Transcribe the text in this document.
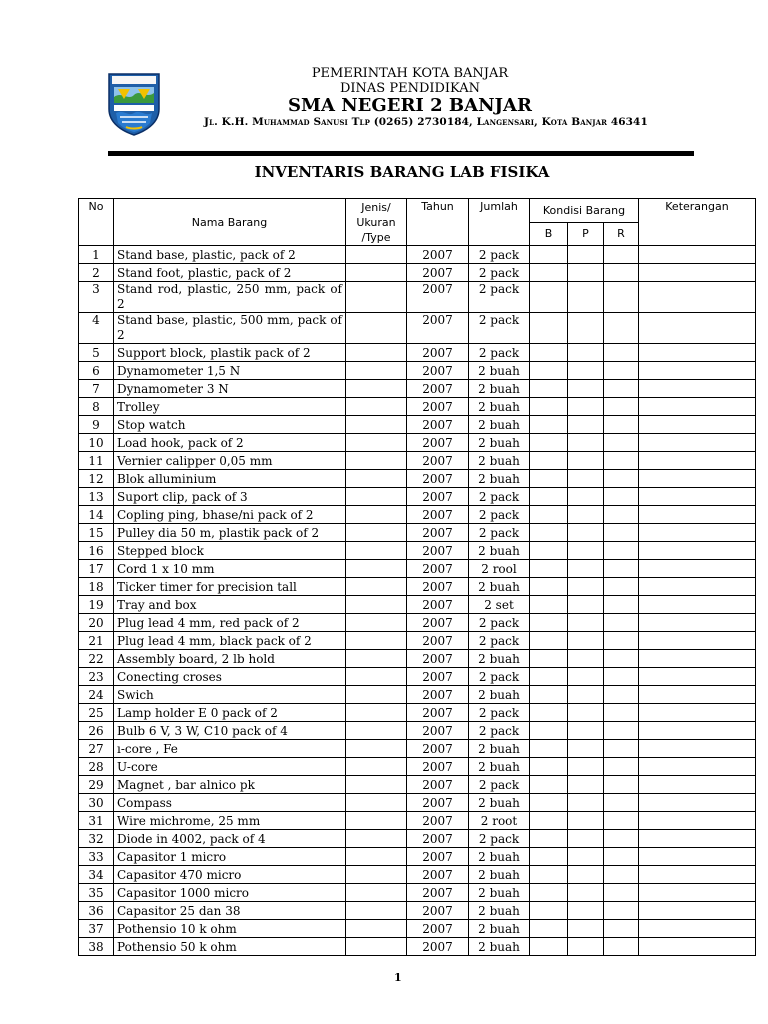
PEMERINTAH KOTA BANJAR
DINAS PENDIDIKAN
SMA NEGERI 2 BANJAR
Jl. K.H. Muhammad Sanusi Tlp (0265) 2730184, Langensari, Kota Banjar 46341
INVENTARIS BARANG LAB FISIKA
No	Nama Barang	Jenis/
Ukuran
/Type	Tahun	Jumlah	Kondisi Barang			Keterangan
					B	P	R	
1	Stand base, plastic, pack of 2		2007	2 pack				
2	Stand foot, plastic, pack of 2		2007	2 pack				
3	Stand rod, plastic, 250 mm, pack of 2		2007	2 pack				
4	Stand base, plastic, 500 mm, pack of 2		2007	2 pack				
5	Support block, plastik pack of 2		2007	2 pack				
6	Dynamometer 1,5 N		2007	2 buah				
7	Dynamometer 3 N		2007	2 buah				
8	Trolley		2007	2 buah				
9	Stop watch		2007	2 buah				
10	Load hook, pack of 2		2007	2 buah				
11	Vernier calipper 0,05 mm		2007	2 buah				
12	Blok alluminium		2007	2 buah				
13	Suport clip, pack of 3		2007	2 pack				
14	Copling ping, bhase/ni pack of 2		2007	2 pack				
15	Pulley dia 50 m, plastik pack of 2		2007	2 pack				
16	Stepped block		2007	2 buah				
17	Cord 1 x 10 mm		2007	2 rool				
18	Ticker timer for precision tall		2007	2 buah				
19	Tray and box		2007	2 set				
20	Plug lead 4 mm, red pack of 2		2007	2 pack				
21	Plug lead 4 mm, black pack of 2		2007	2 pack				
22	Assembly board, 2 lb hold		2007	2 buah				
23	Conecting croses		2007	2 pack				
24	Swich		2007	2 buah				
25	Lamp holder E 0 pack of 2		2007	2 pack				
26	Bulb 6 V, 3 W, C10 pack of 4		2007	2 pack				
27	ı-core , Fe		2007	2 buah				
28	U-core		2007	2 buah				
29	Magnet , bar alnico pk		2007	2 pack				
30	Compass		2007	2 buah				
31	Wire michrome, 25 mm		2007	2 root				
32	Diode in 4002, pack of 4		2007	2 pack				
33	Capasitor 1 micro		2007	2 buah				
34	Capasitor 470 micro		2007	2 buah				
35	Capasitor 1000 micro		2007	2 buah				
36	Capasitor 25 dan 38		2007	2 buah				
37	Pothensio 10 k ohm		2007	2 buah				
38	Pothensio 50 k ohm		2007	2 buah				
1
